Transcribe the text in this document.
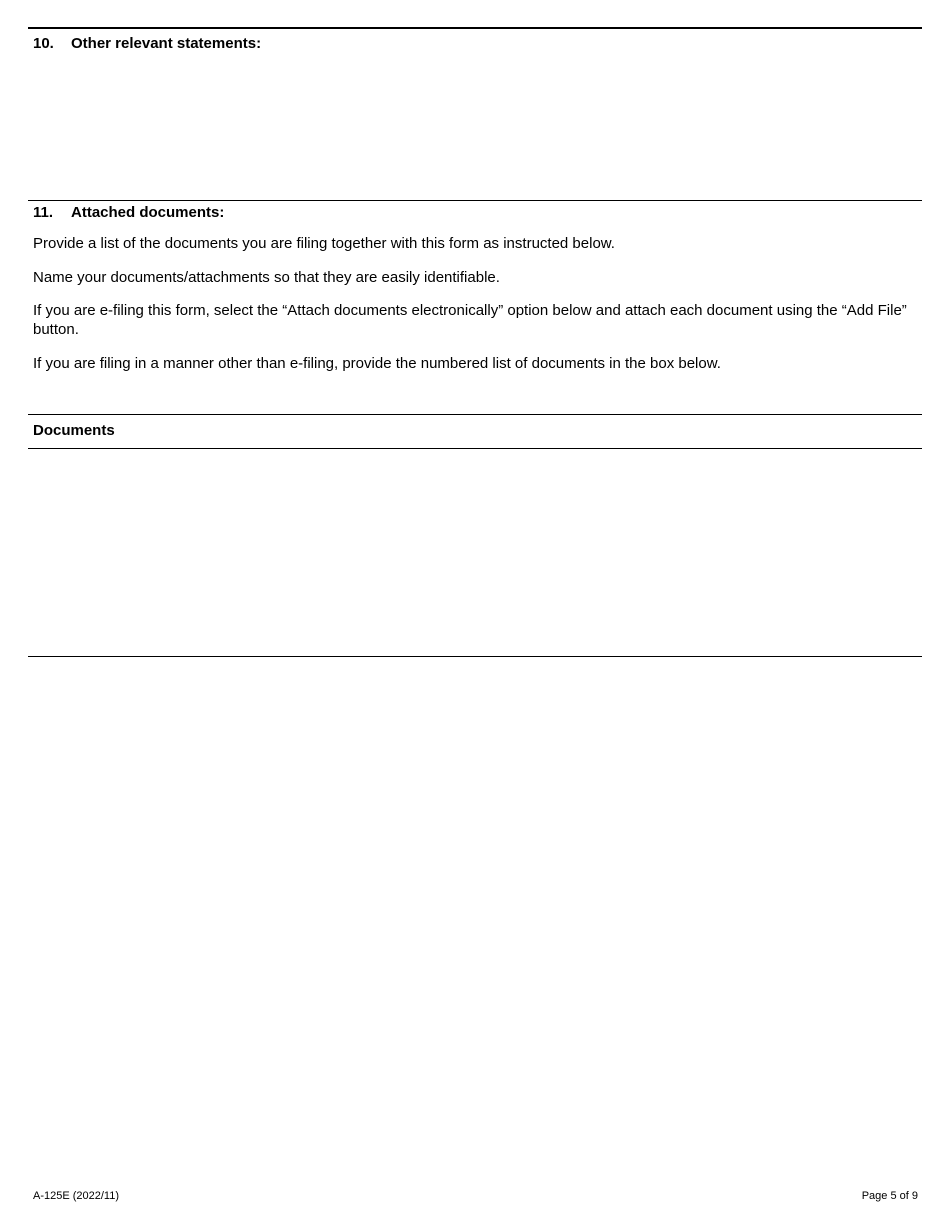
10. Other relevant statements:
11. Attached documents:
Provide a list of the documents you are filing together with this form as instructed below.
Name your documents/attachments so that they are easily identifiable.
If you are e-filing this form, select the “Attach documents electronically” option below and attach each document using the “Add File” button.
If you are filing in a manner other than e-filing, provide the numbered list of documents in the box below.
Documents
A-125E (2022/11)	Page 5 of 9
